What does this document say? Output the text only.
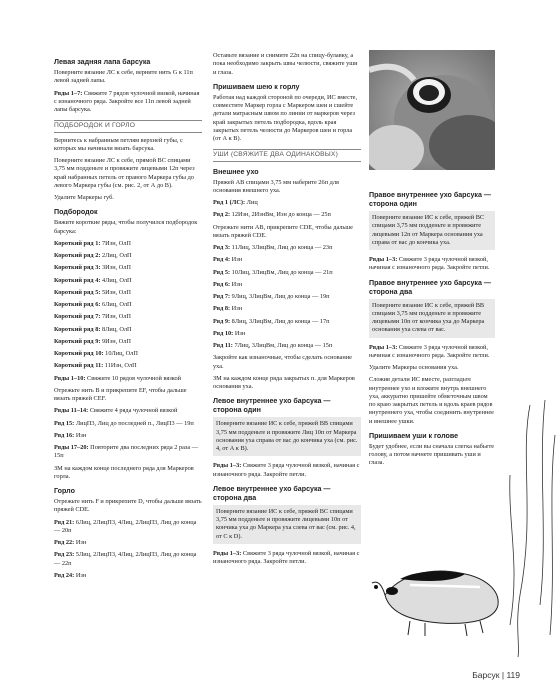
Левая задняя лапа барсука

Поверните вязание ЛС к себе, верните нить G к 11п левой задней лапы.

Ряды 1–7: Свяжите 7 рядов чулочной вязкой, начиная с изнаночного ряда. Закройте все 11п левой задней лапы барсука.

ПОДБОРОДОК И ГОРЛО

Вернитесь к набранным петлям верхней губы, с которых мы начинали вязать барсука.

Поверните вязание ЛС к себе, прямой ВС спицами 3,75 мм подденьте и провяжите лицевыми 12п через край набранных петель от правого Маркера губы до левого Маркера губы (см. рис. 2, от А до В).

Удалите Маркеры губ.

Подбородок

Вяжите короткие ряды, чтобы получился подбородок барсука:

Короткий ряд 1: 7Изн, ОлП

Короткий ряд 2: 2Лиц, ОлП

Короткий ряд 3: 3Изн, ОлП

Короткий ряд 4: 4Лиц, ОлП

Короткий ряд 5: 5Изн, ОлП

Короткий ряд 6: 6Лиц, ОлП

Короткий ряд 7: 7Изн, ОлП

Короткий ряд 8: 8Лиц, ОлП

Короткий ряд 9: 9Изн, ОлП

Короткий ряд 10: 10Лиц, ОлП

Короткий ряд 11: 11Изн, ОлП

Ряды 1–10: Свяжите 10 рядов чулочной вязкой

Отрежьте нить B и прикрепите EF, чтобы дальше вязать пряжей CEF.

Ряды 11–14: Свяжите 4 ряда чулочной вязкой

Ряд 15: ЛицП3, Лиц до последней п., ЛицП3 — 19п

Ряд 16: Изн

Ряды 17–20: Повторите два последних ряда 2 раза — 15п

ЗМ на каждом конце последнего ряда для Маркеров горла.

Горло

Отрежьте нить F и прикрепите D, чтобы дальше вязать пряжей CDE.

Ряд 21: 6Лиц, 2ЛицП3, 4Лиц, 2ЛицП3, Лиц до конца — 20п

Ряд 22: Изн

Ряд 23: 5Лиц, 2ЛицП3, 4Лиц, 2ЛицП3, Лиц до конца — 22п

Ряд 24: Изн

Оставьте вязание и снимите 22п на спицу-булавку, а пока необходимо закрыть швы челюсти, свяжите уши и глаза.

Пришиваем шею к горлу

Работая над каждой стороной по очереди, ИС вместе, совместите Маркер горла с Маркером шеи и сшейте детали матрасным швом по линии от маркеров через край закрытых петель подбородка, вдоль края закрытых петель челюсти до Маркеров шеи и горла (от А к В).

УШИ (СВЯЖИТЕ ДВА ОДИНАКОВЫХ)
Внешнее ухо

Пряжей АВ спицами 3,75 мм наберите 26п для основания внешнего уха.

Ряд 1 (ЛС): Лиц

Ряд 2: 12Изн, 2ИзнВм, Изн до конца — 25п

Отрежьте нити АВ, прикрепите CDE, чтобы дальше вязать пряжей CDE.

Ряд 3: 11Лиц, 3ЛицВм, Лиц до конца — 23п

Ряд 4: Изн

Ряд 5: 10Лиц, 3ЛицВм, Лиц до конца — 21п

Ряд 6: Изн

Ряд 7: 9Лиц, 3ЛицВм, Лиц до конца — 19п

Ряд 8: Изн

Ряд 9: 8Лиц, 3ЛицВм, Лиц до конца — 17п

Ряд 10: Изн

Ряд 11: 7Лиц, 3ЛицВм, Лиц до конца — 15п

Закройте как изнаночные, чтобы сделать основание уха.

ЗМ на каждом конце ряда закрытых п. для Маркеров основания уха.

Левое внутреннее ухо барсука — сторона один
Поверните вязание ИС к себе, пряжей ВВ спицами 3,75 мм подденьте и провяжите Лиц 10п от Маркера основания уха справа от вас до кончика уха (см. рис. 4, от А к В).

Ряды 1–3: Свяжите 3 ряда чулочной вязкой, начиная с изнаночного ряда. Закройте петли.

Левое внутреннее ухо барсука — сторона два
Поверните вязание ИС к себе, пряжей ВС спицами 3,75 мм подденьте и провяжите лицевыми 10п от кончика уха до Маркера уха слева от вас (см. рис. 4, от С к D).

Ряды 1–3: Свяжите 3 ряда чулочной вязкой, начиная с изнаночного ряда. Закройте петли.

Правое внутреннее ухо барсука — сторона один
Поверните вязание ИС к себе, пряжей ВС спицами 3,75 мм подденьте и провяжите лицевыми 12п от Маркера основания уха справа от вас до кончика уха.

Ряды 1–3: Свяжите 3 ряда чулочной вязкой, начиная с изнаночного ряда. Закройте петли.

Правое внутреннее ухо барсука — сторона два
Поверните вязание ИС к себе, пряжей ВВ спицами 3,75 мм подденьте и провяжите лицевыми 10п от кончика уха до Маркера основания уха слева от вас.

Ряды 1–3: Свяжите 3 ряда чулочной вязкой, начиная с изнаночного ряда. Закройте петли.

Удалите Маркеры основания уха.

Сложив детали ИС вместе, разгладьте внутреннее ухо и вложите внутрь внешнего уха, аккуратно пришейте обметочным швом по краю закрытых петель и вдоль краев рядов внутреннего уха, чтобы соединить внутреннее и внешнее ушки.

Пришиваем уши к голове

Будет удобнее, если вы сначала слегка набьете голову, а потом начнете пришивать уши и глаза.

Барсук | 119
